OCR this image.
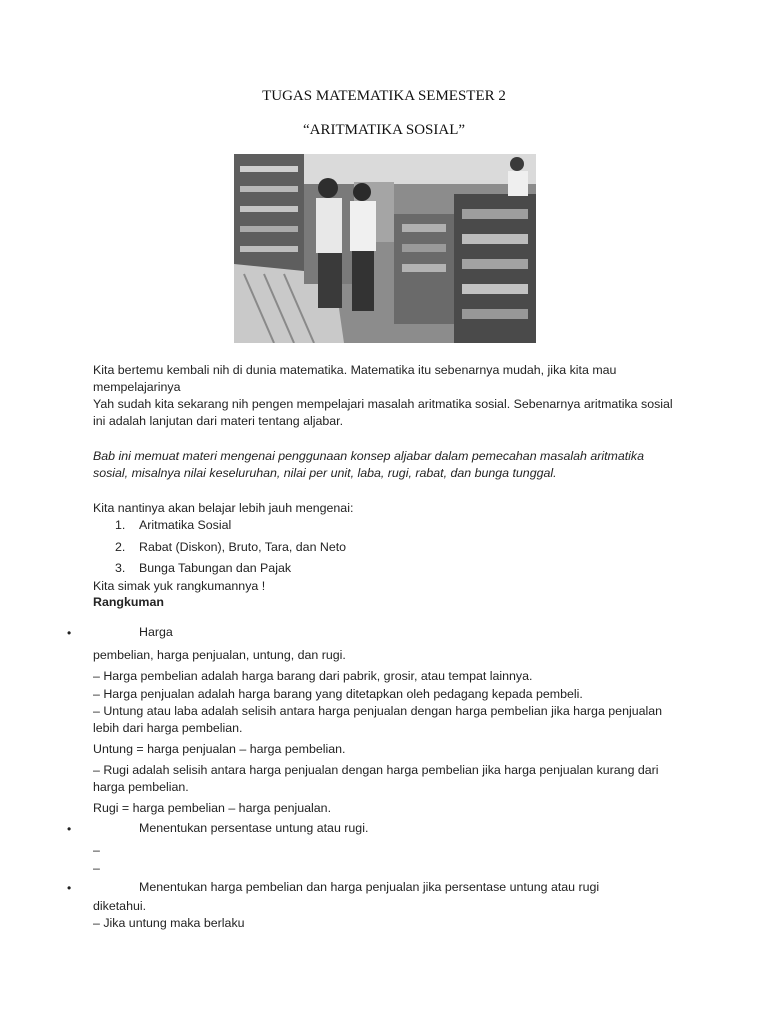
TUGAS MATEMATIKA SEMESTER 2
“ARITMATIKA SOSIAL”

Kita bertemu kembali nih di dunia matematika. Matematika itu sebenarnya mudah, jika kita mau mempelajarinya

Yah sudah kita sekarang nih pengen mempelajari masalah aritmatika sosial. Sebenarnya aritmatika sosial ini adalah lanjutan dari materi tentang aljabar.

Bab ini memuat materi mengenai penggunaan konsep aljabar dalam pemecahan masalah aritmatika sosial, misalnya nilai keseluruhan, nilai per unit, laba, rugi, rabat, dan bunga tunggal.

Kita nantinya akan belajar lebih jauh mengenai:

1. Aritmatika Sosial
2. Rabat (Diskon), Bruto, Tara, dan Neto
3. Bunga Tabungan dan Pajak

Kita simak yuk rangkumannya !

Rangkuman

•	Harga

pembelian, harga penjualan, untung, dan rugi.

– Harga pembelian adalah harga barang dari pabrik, grosir, atau tempat lainnya.

– Harga penjualan adalah harga barang yang ditetapkan oleh pedagang kepada pembeli.

– Untung atau laba adalah selisih antara harga penjualan dengan harga pembelian jika harga penjualan lebih dari harga pembelian.

Untung = harga penjualan – harga pembelian.

– Rugi adalah selisih antara harga penjualan dengan harga pembelian jika harga penjualan kurang dari harga pembelian.

Rugi = harga pembelian – harga penjualan.

•	Menentukan persentase untung atau rugi.

–

–

•	Menentukan harga pembelian dan harga penjualan jika persentase untung atau rugi

diketahui.

– Jika untung maka berlaku
